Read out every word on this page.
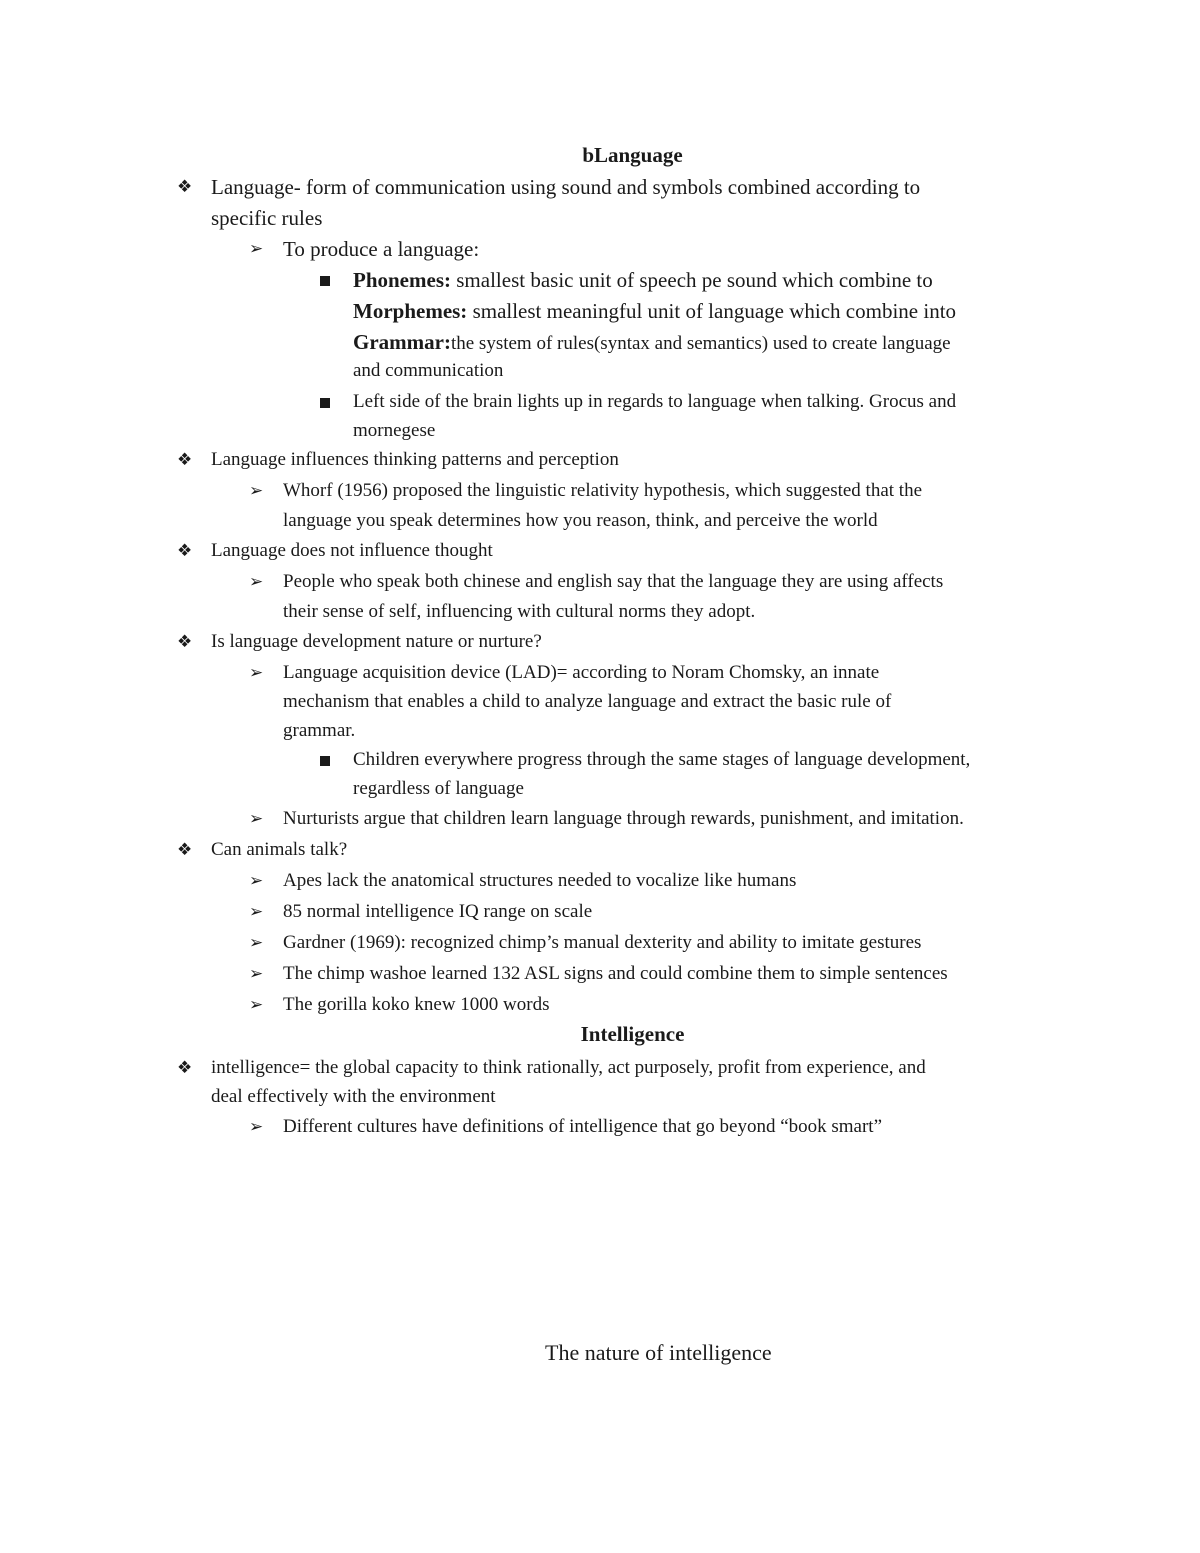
bLanguage
❖ Language- form of communication using sound and symbols combined according to
specific rules
➢ To produce a language:
Phonemes: smallest basic unit of speech pe sound which combine to
Morphemes: smallest meaningful unit of language which combine into
Grammar:the system of rules(syntax and semantics) used to create language
and communication
Left side of the brain lights up in regards to language when talking. Grocus and
mornegese
❖ Language influences thinking patterns and perception
➢ Whorf (1956) proposed the linguistic relativity hypothesis, which suggested that the
language you speak determines how you reason, think, and perceive the world
❖ Language does not influence thought
➢ People who speak both chinese and english say that the language they are using affects
their sense of self, influencing with cultural norms they adopt.
❖ Is language development nature or nurture?
➢ Language acquisition device (LAD)= according to Noram Chomsky, an innate
mechanism that enables a child to analyze language and extract the basic rule of
grammar.
Children everywhere progress through the same stages of language development,
regardless of language
➢ Nurturists argue that children learn language through rewards, punishment, and imitation.
❖ Can animals talk?
➢ Apes lack the anatomical structures needed to vocalize like humans
➢ 85 normal intelligence IQ range on scale
➢ Gardner (1969): recognized chimp’s manual dexterity and ability to imitate gestures
➢ The chimp washoe learned 132 ASL signs and could combine them to simple sentences
➢ The gorilla koko knew 1000 words
Intelligence
❖ intelligence= the global capacity to think rationally, act purposely, profit from experience, and
deal effectively with the environment
➢ Different cultures have definitions of intelligence that go beyond “book smart”
The nature of intelligence
